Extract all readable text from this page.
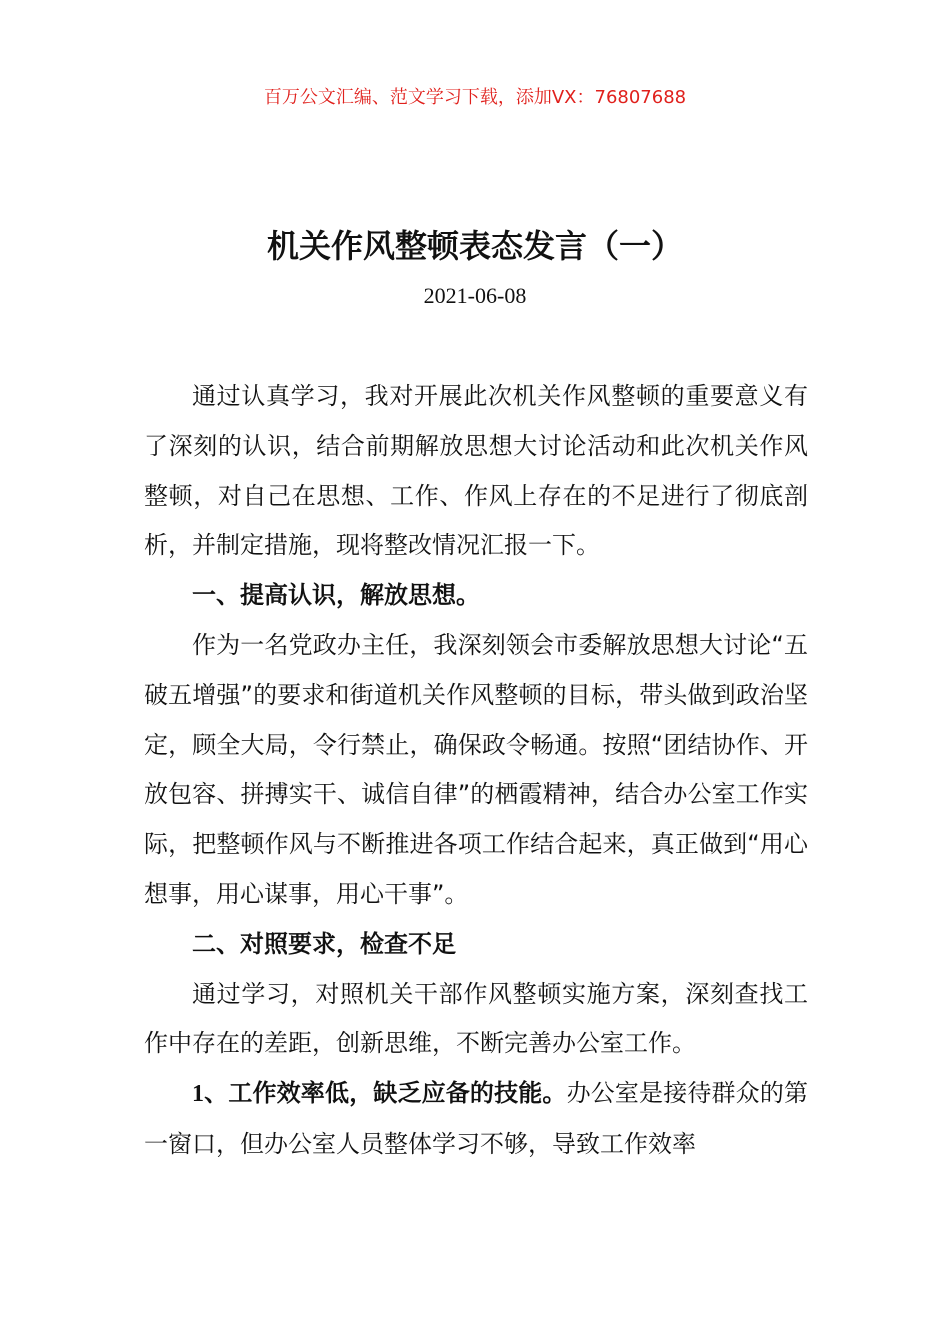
百万公文汇编、范文学习下载，添加VX：76807688
机关作风整顿表态发言（一）
2021-06-08

通过认真学习，我对开展此次机关作风整顿的重要意义有了深刻的认识，结合前期解放思想大讨论活动和此次机关作风整顿，对自己在思想、工作、作风上存在的不足进行了彻底剖析，并制定措施，现将整改情况汇报一下。

一、提高认识，解放思想。

作为一名党政办主任，我深刻领会市委解放思想大讨论“五破五增强”的要求和街道机关作风整顿的目标，带头做到政治坚定，顾全大局，令行禁止，确保政令畅通。按照“团结协作、开放包容、拼搏实干、诚信自律”的栖霞精神，结合办公室工作实际，把整顿作风与不断推进各项工作结合起来，真正做到“用心想事，用心谋事，用心干事”。

二、对照要求，检查不足

通过学习，对照机关干部作风整顿实施方案，深刻查找工作中存在的差距，创新思维，不断完善办公室工作。

1、工作效率低，缺乏应备的技能。办公室是接待群众的第一窗口，但办公室人员整体学习不够，导致工作效率
